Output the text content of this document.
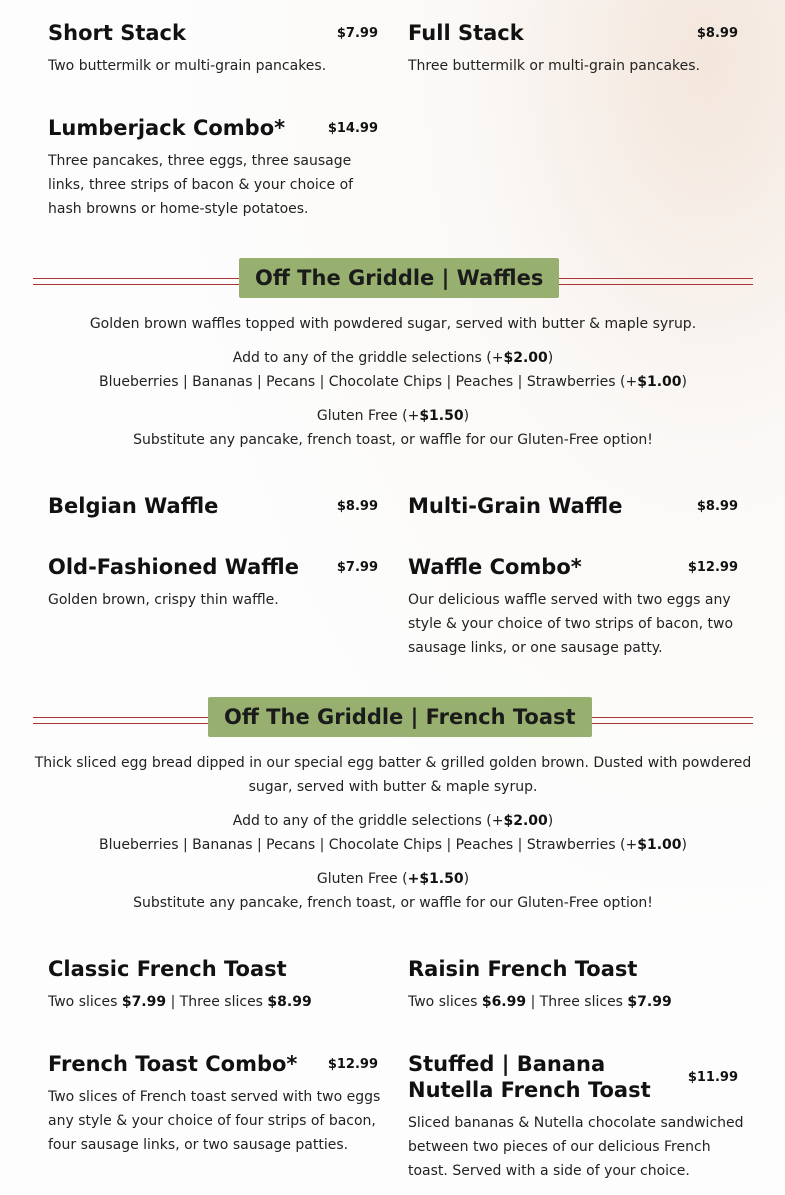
Short Stack	$7.99
Two buttermilk or multi-grain pancakes.
Full Stack	$8.99
Three buttermilk or multi-grain pancakes.
Lumberjack Combo*	$14.99
Three pancakes, three eggs, three sausage links, three strips of bacon & your choice of hash browns or home-style potatoes.
Off The Griddle | Waffles
Golden brown waffles topped with powdered sugar, served with butter & maple syrup.
Add to any of the griddle selections (+$2.00)
Blueberries | Bananas | Pecans | Chocolate Chips | Peaches | Strawberries (+$1.00)
Gluten Free (+$1.50)
Substitute any pancake, french toast, or waffle for our Gluten-Free option!
Belgian Waffle	$8.99 Multi-Grain Waffle	$8.99
Old-Fashioned Waffle	$7.99
Golden brown, crispy thin waffle.
Waffle Combo*	$12.99
Our delicious waffle served with two eggs any style & your choice of two strips of bacon, two sausage links, or one sausage patty.
Off The Griddle | French Toast
Thick sliced egg bread dipped in our special egg batter & grilled golden brown. Dusted with powdered sugar, served with butter & maple syrup.
Add to any of the griddle selections (+$2.00)
Blueberries | Bananas | Pecans | Chocolate Chips | Peaches | Strawberries (+$1.00)
Gluten Free (+$1.50)
Substitute any pancake, french toast, or waffle for our Gluten-Free option!
Classic French Toast
Two slices $7.99 | Three slices $8.99
Raisin French Toast
Two slices $6.99 | Three slices $7.99
French Toast Combo* $12.99
Two slices of French toast served with two eggs any style & your choice of four strips of bacon, four sausage links, or two sausage patties.
Stuffed | Banana Nutella French Toast
$11.99
Sliced bananas & Nutella chocolate sandwiched between two pieces of our delicious French toast. Served with a side of your choice.
